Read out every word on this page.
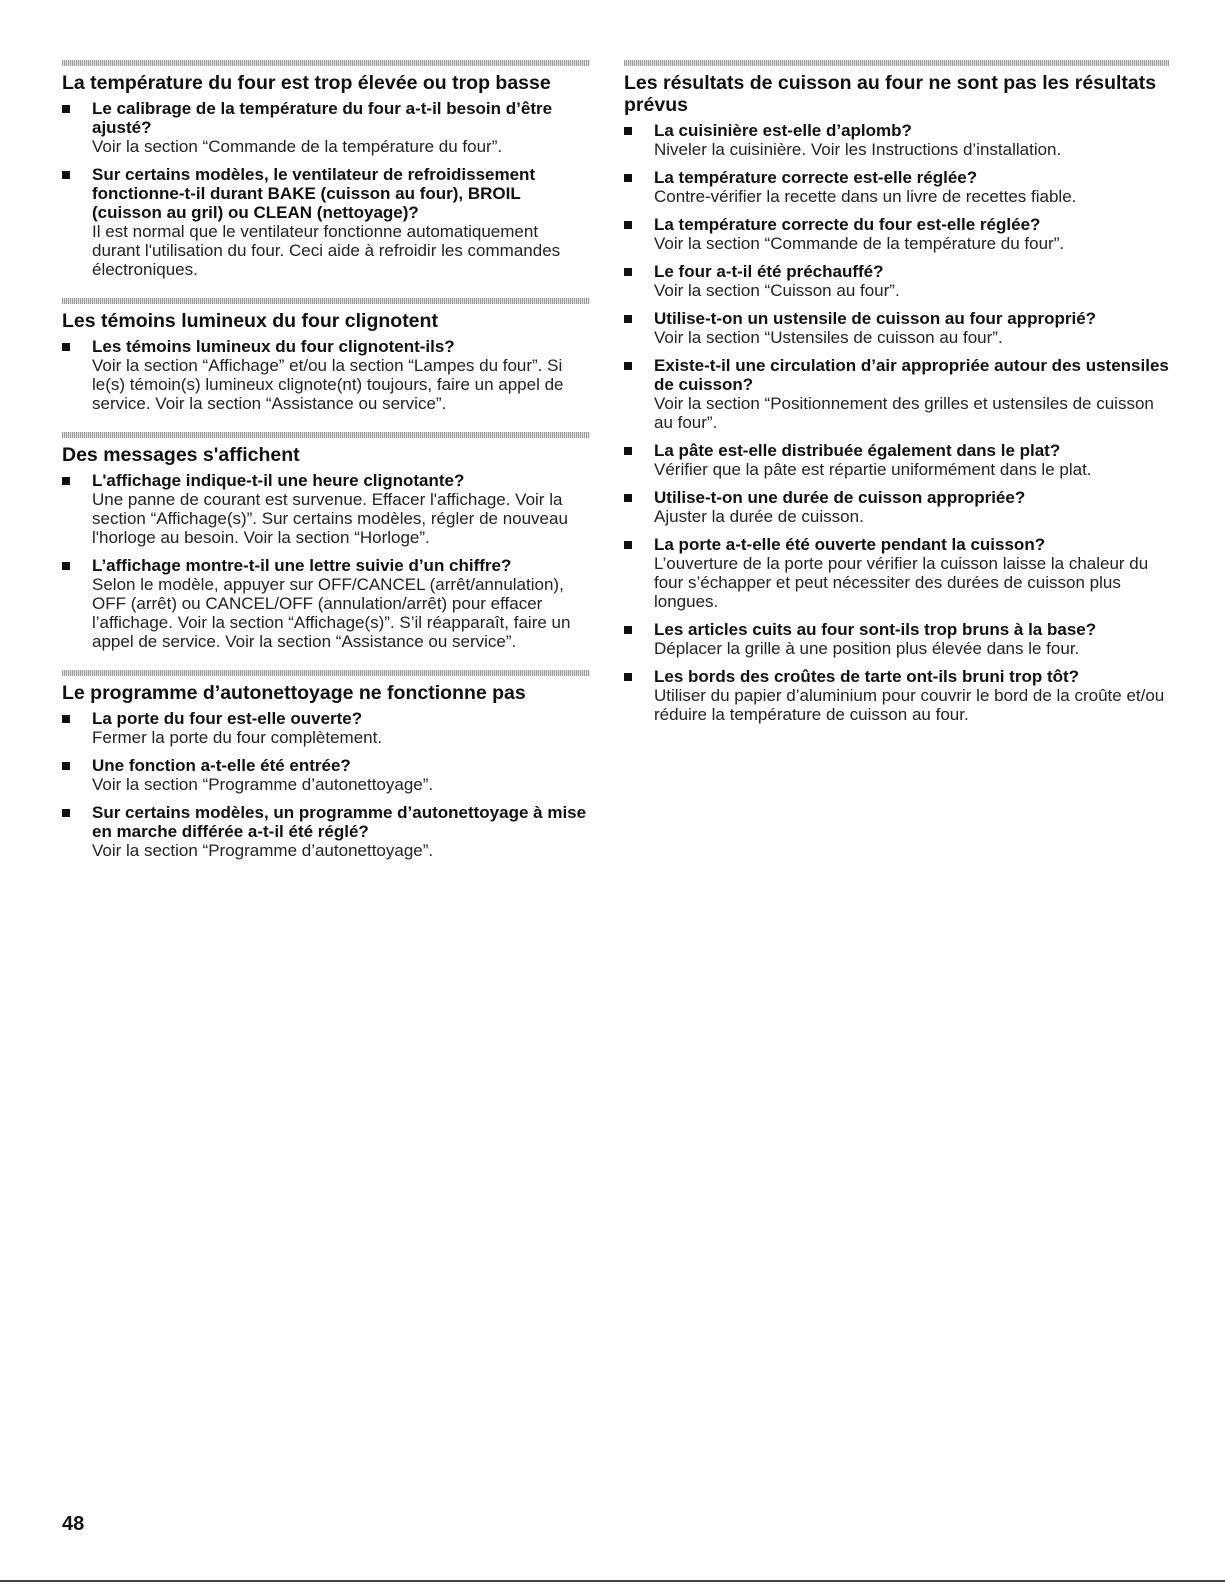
La température du four est trop élevée ou trop basse
Le calibrage de la température du four a-t-il besoin d’être ajusté?
Voir la section “Commande de la température du four”.
Sur certains modèles, le ventilateur de refroidissement fonctionne-t-il durant BAKE (cuisson au four), BROIL (cuisson au gril) ou CLEAN (nettoyage)?
Il est normal que le ventilateur fonctionne automatiquement durant l'utilisation du four. Ceci aide à refroidir les commandes électroniques.
Les témoins lumineux du four clignotent
Les témoins lumineux du four clignotent-ils?
Voir la section “Affichage” et/ou la section “Lampes du four”. Si le(s) témoin(s) lumineux clignote(nt) toujours, faire un appel de service. Voir la section “Assistance ou service”.
Des messages s'affichent
L'affichage indique-t-il une heure clignotante?
Une panne de courant est survenue. Effacer l'affichage. Voir la section “Affichage(s)”. Sur certains modèles, régler de nouveau l'horloge au besoin. Voir la section “Horloge”.
L’affichage montre-t-il une lettre suivie d’un chiffre?
Selon le modèle, appuyer sur OFF/CANCEL (arrêt/annulation), OFF (arrêt) ou CANCEL/OFF (annulation/arrêt) pour effacer l’affichage. Voir la section “Affichage(s)”. S’il réapparaît, faire un appel de service. Voir la section “Assistance ou service”.
Le programme d’autonettoyage ne fonctionne pas
La porte du four est-elle ouverte?
Fermer la porte du four complètement.
Une fonction a-t-elle été entrée?
Voir la section “Programme d’autonettoyage”.
Sur certains modèles, un programme d’autonettoyage à mise en marche différée a-t-il été réglé?
Voir la section “Programme d’autonettoyage”.
Les résultats de cuisson au four ne sont pas les résultats prévus
La cuisinière est-elle d’aplomb?
Niveler la cuisinière. Voir les Instructions d’installation.
La température correcte est-elle réglée?
Contre-vérifier la recette dans un livre de recettes fiable.
La température correcte du four est-elle réglée?
Voir la section “Commande de la température du four”.
Le four a-t-il été préchauffé?
Voir la section “Cuisson au four”.
Utilise-t-on un ustensile de cuisson au four approprié?
Voir la section “Ustensiles de cuisson au four”.
Existe-t-il une circulation d’air appropriée autour des ustensiles de cuisson?
Voir la section “Positionnement des grilles et ustensiles de cuisson au four”.
La pâte est-elle distribuée également dans le plat?
Vérifier que la pâte est répartie uniformément dans le plat.
Utilise-t-on une durée de cuisson appropriée?
Ajuster la durée de cuisson.
La porte a-t-elle été ouverte pendant la cuisson?
L’ouverture de la porte pour vérifier la cuisson laisse la chaleur du four s’échapper et peut nécessiter des durées de cuisson plus longues.
Les articles cuits au four sont-ils trop bruns à la base?
Déplacer la grille à une position plus élevée dans le four.
Les bords des croûtes de tarte ont-ils bruni trop tôt?
Utiliser du papier d’aluminium pour couvrir le bord de la croûte et/ou réduire la température de cuisson au four.
48
